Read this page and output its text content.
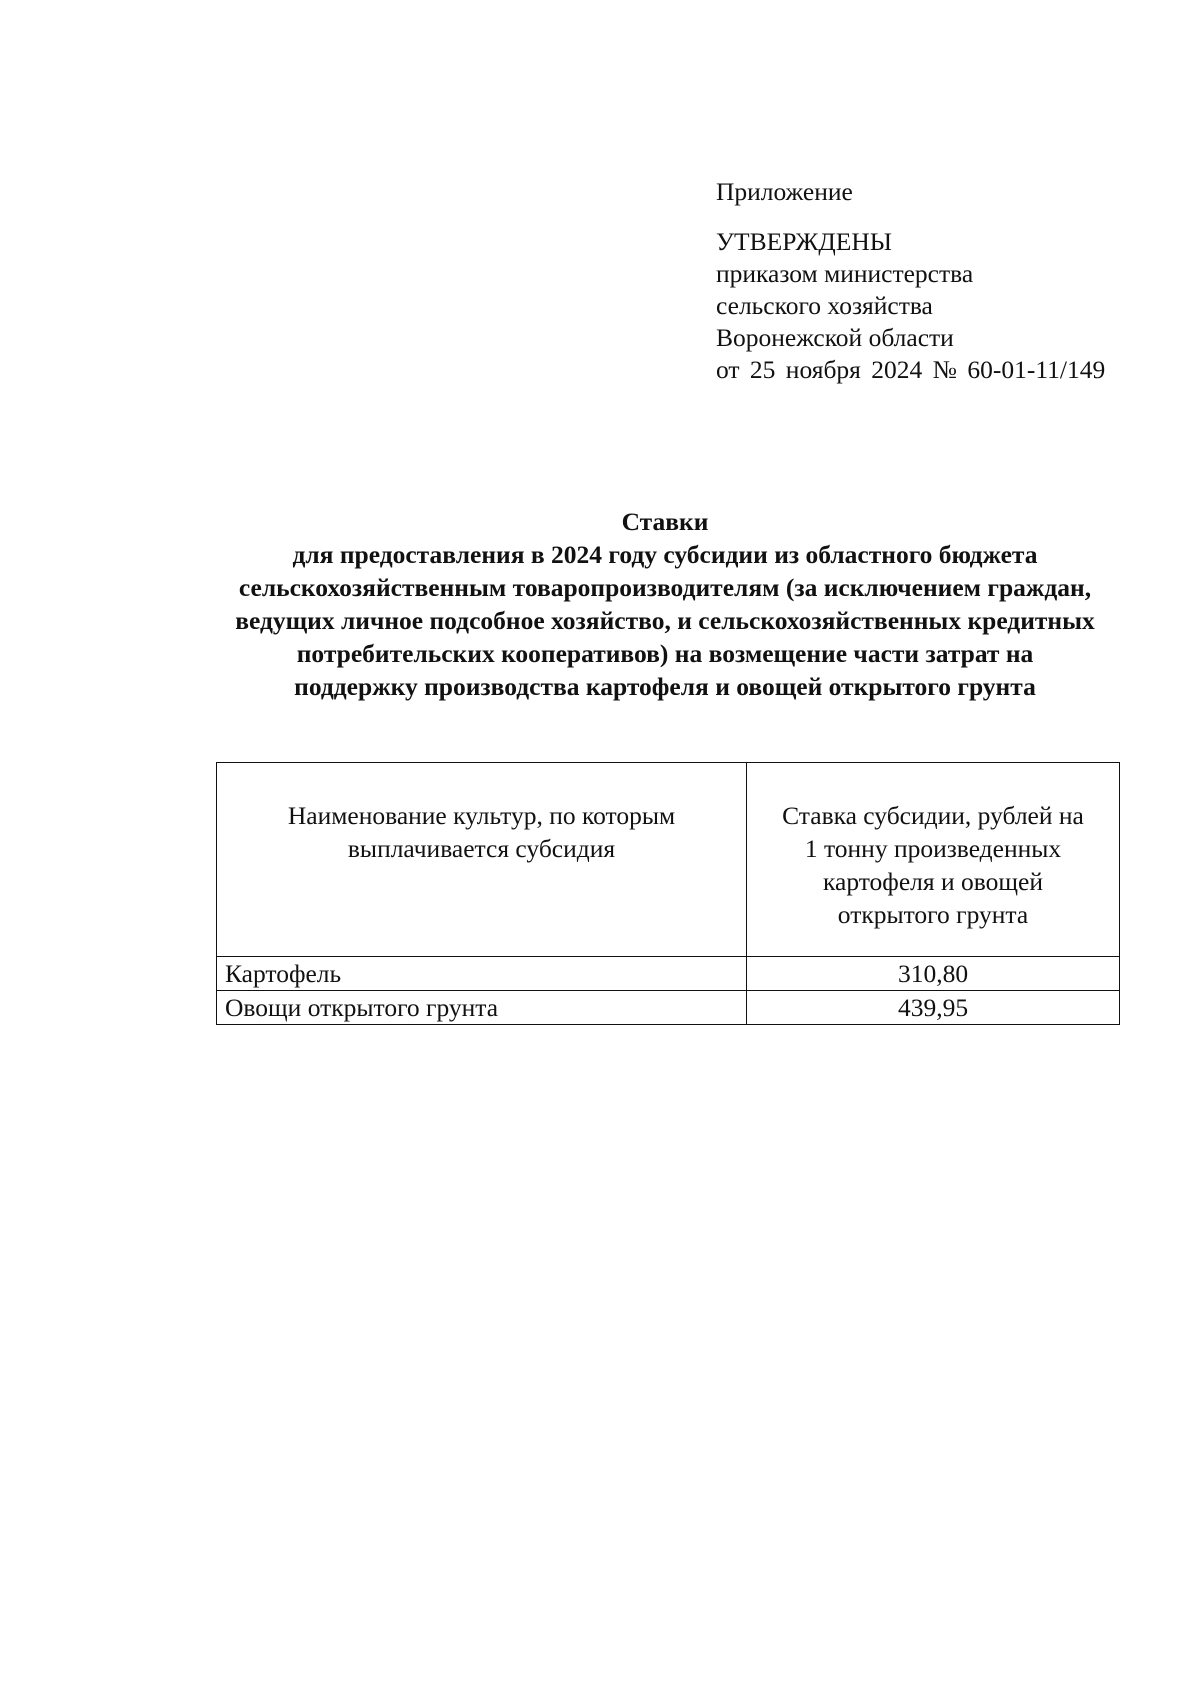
Приложение
УТВЕРЖДЕНЫ
приказом министерства
сельского хозяйства
Воронежской области
от 25 ноября 2024 № 60-01-11/149
Ставки
для предоставления в 2024 году субсидии из областного бюджета
сельскохозяйственным товаропроизводителям (за исключением граждан,
ведущих личное подсобное хозяйство, и сельскохозяйственных кредитных
потребительских кооперативов) на возмещение части затрат на
поддержку производства картофеля и овощей открытого грунта
Наименование культур, по которым
выплачивается субсидия	Ставка субсидии, рублей на
1 тонну произведенных
картофеля и овощей
открытого грунта

Картофель	310,80
Овощи открытого грунта	439,95
